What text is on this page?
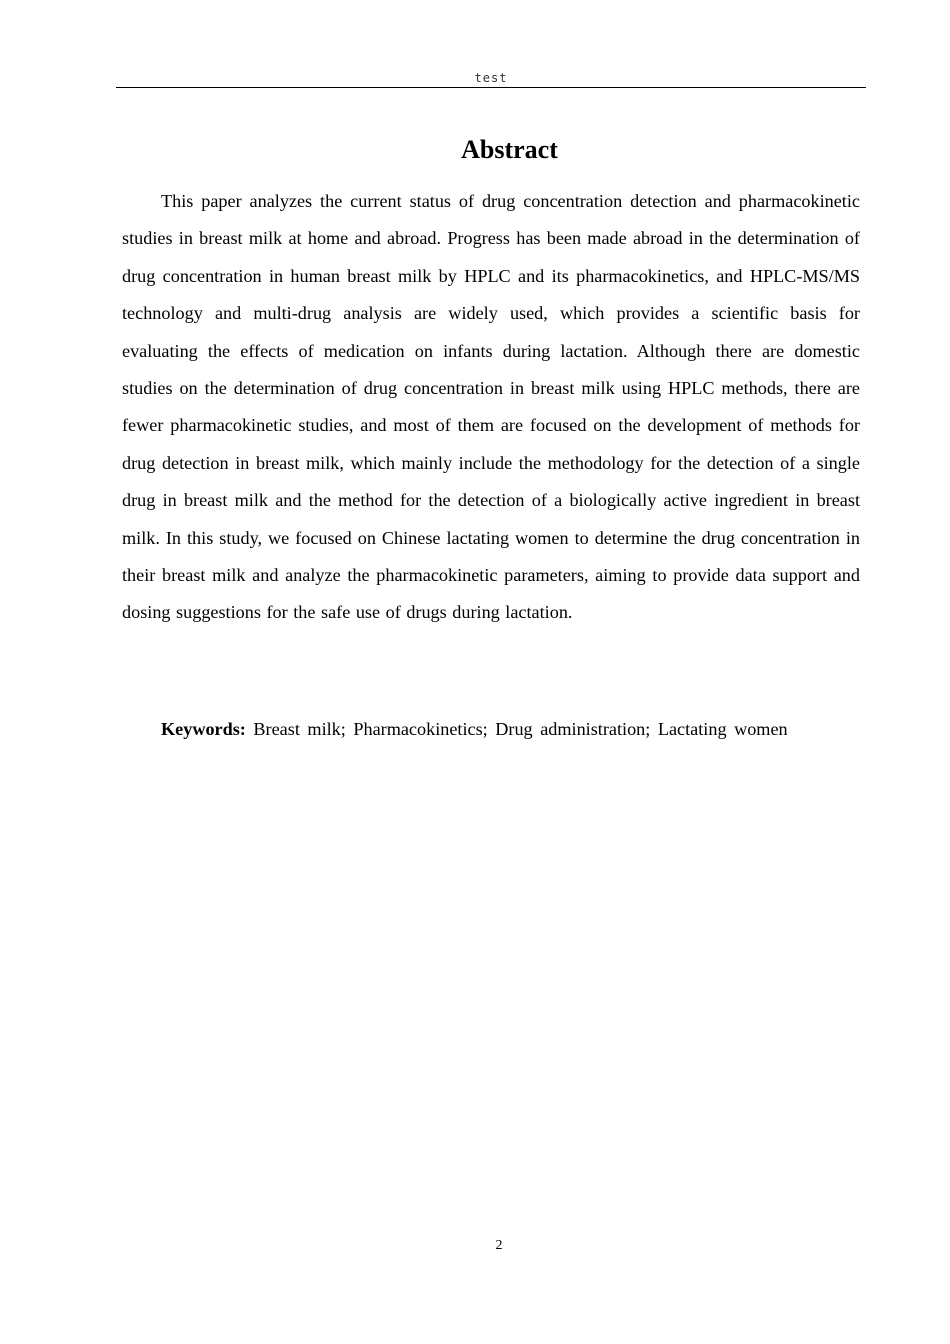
test
Abstract

This paper analyzes the current status of drug concentration detection and pharmacokinetic studies in breast milk at home and abroad. Progress has been made abroad in the determination of drug concentration in human breast milk by HPLC and its pharmacokinetics, and HPLC-MS/MS technology and multi-drug analysis are widely used, which provides a scientific basis for evaluating the effects of medication on infants during lactation. Although there are domestic studies on the determination of drug concentration in breast milk using HPLC methods, there are fewer pharmacokinetic studies, and most of them are focused on the development of methods for drug detection in breast milk, which mainly include the methodology for the detection of a single drug in breast milk and the method for the detection of a biologically active ingredient in breast milk. In this study, we focused on Chinese lactating women to determine the drug concentration in their breast milk and analyze the pharmacokinetic parameters, aiming to provide data support and dosing suggestions for the safe use of drugs during lactation.

Keywords: Breast milk; Pharmacokinetics; Drug administration; Lactating women

2
